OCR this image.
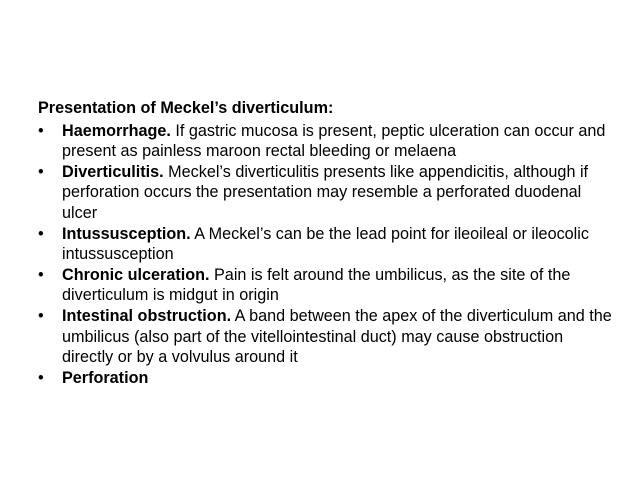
Presentation of Meckel’s diverticulum:
•	Haemorrhage. If gastric mucosa is present, peptic ulceration can occur and present as painless maroon rectal bleeding or melaena
•	Diverticulitis. Meckel’s diverticulitis presents like appendicitis, although if perforation occurs the presentation may resemble a perforated duodenal ulcer
•	Intussusception. A Meckel’s can be the lead point for ileoileal or ileocolic intussusception
•	Chronic ulceration. Pain is felt around the umbilicus, as the site of the diverticulum is midgut in origin
•	Intestinal obstruction. A band between the apex of the diverticulum and the umbilicus (also part of the vitellointestinal duct) may cause obstruction directly or by a volvulus around it
•	Perforation
